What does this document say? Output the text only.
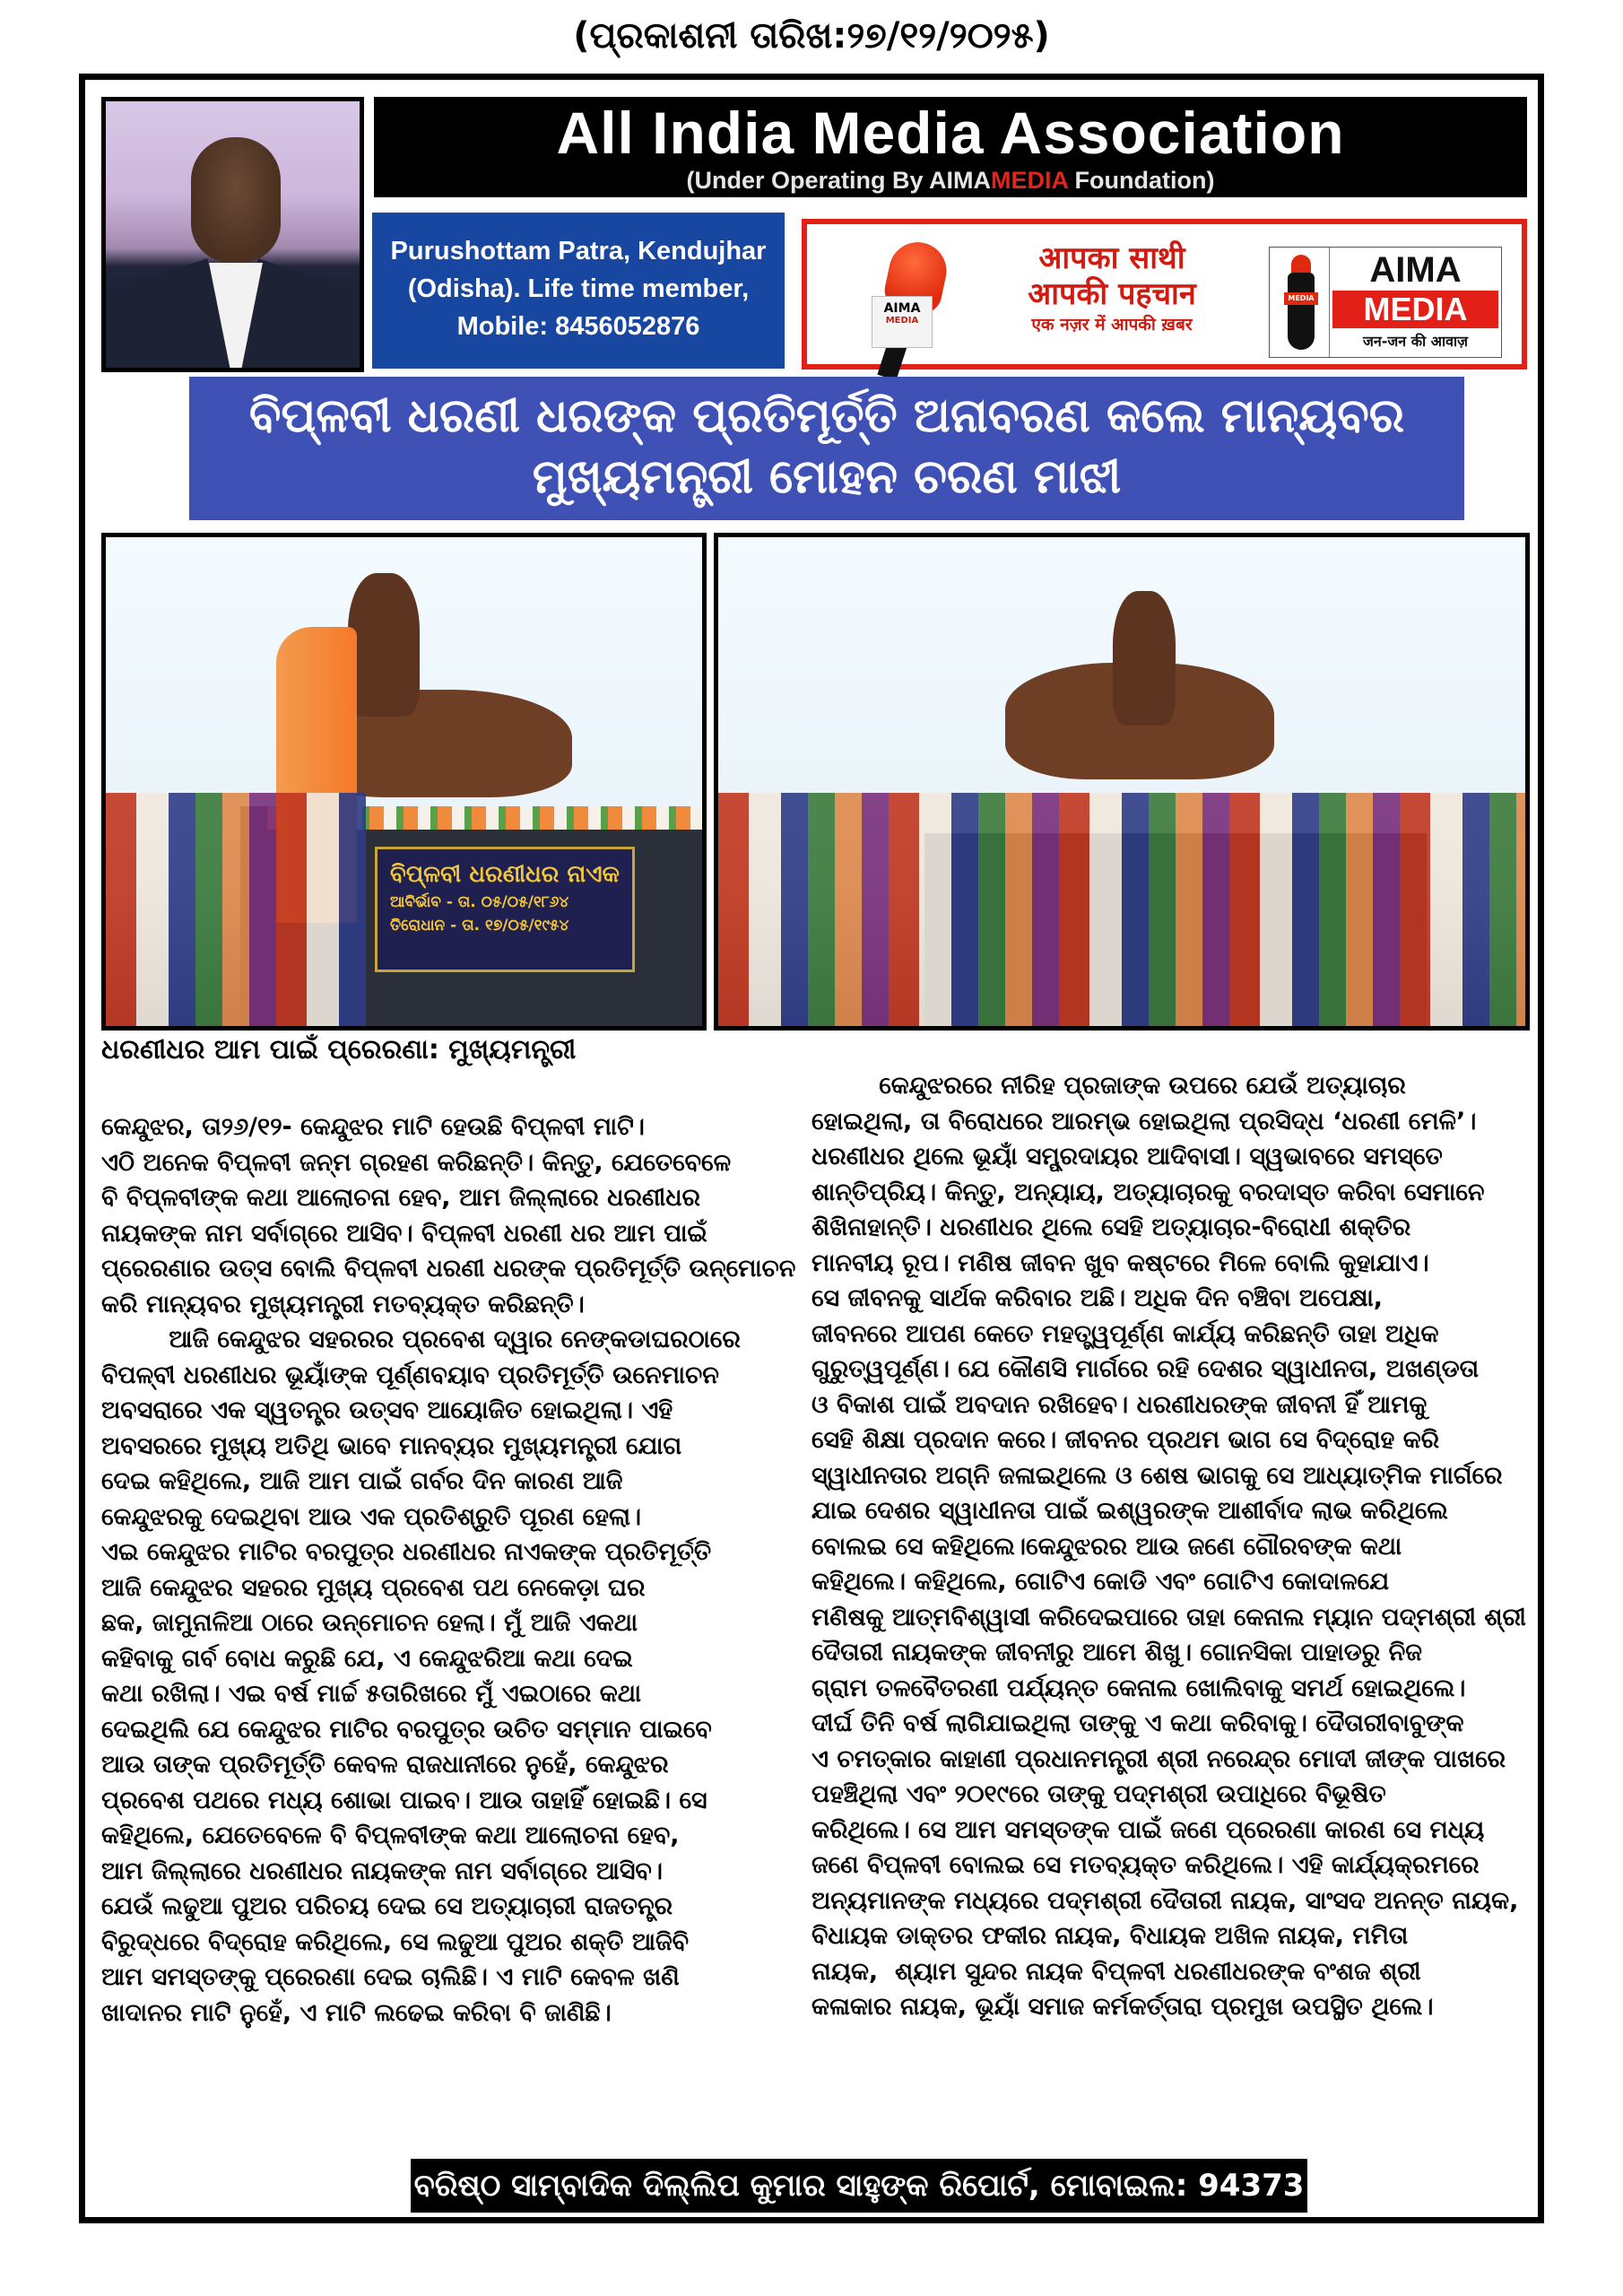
(ପ୍ରକାଶନୀ ତାରିଖ:୨୭/୧୨/୨୦୨୫)
All India Media Association
(Under Operating By AIMAMEDIA Foundation)
Purushottam Patra, Kendujhar
(Odisha). Life time member,
Mobile: 8456052876
AIMA
MEDIA
आपका साथी
आपकी पहचान
एक नज़र में आपकी ख़बर
MEDIA
AIMA
MEDIA
जन-जन की आवाज़
ବିପ୍ଳବୀ ଧରଣୀ ଧରଙ୍କ ପ୍ରତିମୂର୍ତ୍ତି ଅନାବରଣ କଲେ ମାନ୍ୟବର
ମୁଖ୍ୟମନ୍ତ୍ରୀ ମୋହନ ଚରଣ ମାଝୀ
ବିପ୍ଳବୀ ଧରଣୀଧର ନାଏକ
ଆବିର୍ଭାବ - ତା. ୦୫/୦୫/୧୮୬୪
ତିରୋଧାନ - ତା. ୧୭/୦୫/୧୯୫୪
ଧରଣୀଧର ଆମ ପାଇଁ ପ୍ରେରଣା: ମୁଖ୍ୟମନ୍ତ୍ରୀ
କେନ୍ଦୁଝର, ତା୨୬/୧୨- କେନ୍ଦୁଝର ମାଟି ହେଉଛି ବିପ୍ଳବୀ ମାଟି।
ଏଠି ଅନେକ ବିପ୍ଳବୀ ଜନ୍ମ ଗ୍ରହଣ କରିଛନ୍ତି। କିନ୍ତୁ, ଯେତେବେଳେ
ବି ବିପ୍ଳବୀଙ୍କ କଥା ଆଲୋଚନା ହେବ, ଆମ ଜିଲ୍ଲାରେ ଧରଣୀଧର
ନାୟକଙ୍କ ନାମ ସର୍ବାଗ୍ରେ ଆସିବ। ବିପ୍ଳବୀ ଧରଣୀ ଧର ଆମ ପାଇଁ
ପ୍ରେରଣାର ଉତ୍ସ ବୋଲି ବିପ୍ଳବୀ ଧରଣୀ ଧରଙ୍କ ପ୍ରତିମୂର୍ତ୍ତି ଉନ୍ମୋଚନ
କରି ମାନ୍ୟବର ମୁଖ୍ୟମନ୍ତ୍ରୀ ମତବ୍ୟକ୍ତ କରିଛନ୍ତି।
ଆଜି କେନ୍ଦୁଝର ସହରରର ପ୍ରବେଶ ଦ୍ୱାର ନେଙ୍କଡାଘରଠାରେ
ବିପଳ୍ବୀ ଧରଣୀଧର ଭୂୟାଁଙ୍କ ପୂର୍ଣ୍ଣବୟାବ ପ୍ରତିମୂର୍ତ୍ତି ଉନେମାଚନ
ଅବସରାରେ ଏକ ସ୍ୱତନ୍ତ୍ର ଉତ୍ସବ ଆୟୋଜିତ ହୋଇଥିଲା। ଏହି
ଅବସରରେ ମୁଖ୍ୟ ଅତିଥି ଭାବେ ମାନବ୍ୟର ମୁଖ୍ୟମନ୍ତ୍ରୀ ଯୋଗ
ଦେଇ କହିଥିଲେ, ଆଜି ଆମ ପାଇଁ ଗର୍ବର ଦିନ କାରଣ ଆଜି
କେନ୍ଦୁଝରକୁ ଦେଇଥିବା ଆଉ ଏକ ପ୍ରତିଶ୍ରୁତି ପୂରଣ ହେଲା।
ଏଇ କେନ୍ଦୁଝର ମାଟିର ବରପୁତ୍ର ଧରଣୀଧର ନାଏକଙ୍କ ପ୍ରତିମୂର୍ତ୍ତି
ଆଜି କେନ୍ଦୁଝର ସହରର ମୁଖ୍ୟ ପ୍ରବେଶ ପଥ ନେକେଡ଼ା ଘର
ଛକ, ଜାମୁନାଳିଆ ଠାରେ ଉନ୍ମୋଚନ ହେଲା। ମୁଁ ଆଜି ଏକଥା
କହିବାକୁ ଗର୍ବ ବୋଧ କରୁଛି ଯେ, ଏ କେନ୍ଦୁଝରିଆ କଥା ଦେଇ
କଥା ରଖିଲା। ଏଇ ବର୍ଷ ମାର୍ଚ୍ଚ ୫ତାରିଖରେ ମୁଁ ଏଇଠାରେ କଥା
ଦେଇଥିଲି ଯେ କେନ୍ଦୁଝର ମାଟିର ବରପୁତ୍ର ଉଚିତ ସମ୍ମାନ ପାଇବେ
ଆଉ ତାଙ୍କ ପ୍ରତିମୂର୍ତ୍ତି କେବଳ ରାଜଧାନୀରେ ନୁହେଁ, କେନ୍ଦୁଝର
ପ୍ରବେଶ ପଥରେ ମଧ୍ୟ ଶୋଭା ପାଇବ। ଆଉ ତାହାହିଁ ହୋଇଛି। ସେ
କହିଥିଲେ, ଯେତେବେଳେ ବି ବିପ୍ଳବୀଙ୍କ କଥା ଆଲୋଚନା ହେବ,
ଆମ ଜିଲ୍ଲାରେ ଧରଣୀଧର ନାୟକଙ୍କ ନାମ ସର୍ବାଗ୍ରେ ଆସିବ।
ଯେଉଁ ଲଢୁଆ ପୁଅର ପରିଚୟ ଦେଇ ସେ ଅତ୍ୟାଚାରୀ ରାଜତନ୍ତ୍ର
ବିରୁଦ୍ଧରେ ବିଦ୍ରୋହ କରିଥିଲେ, ସେ ଲଢୁଆ ପୁଅର ଶକ୍ତି ଆଜିବି
ଆମ ସମସ୍ତଙ୍କୁ ପ୍ରେରଣା ଦେଇ ଚାଲିଛି। ଏ ମାଟି କେବଳ ଖଣି
ଖାଦାନର ମାଟି ନୁହେଁ, ଏ ମାଟି ଲଢେଇ କରିବା ବି ଜାଣିଛି।
କେନ୍ଦୁଝରରେ ନୀରିହ ପ୍ରଜାଙ୍କ ଉପରେ ଯେଉଁ ଅତ୍ୟାଚାର
ହୋଇଥିଲା, ତା ବିରୋଧରେ ଆରମ୍ଭ ହୋଇଥିଲା ପ୍ରସିଦ୍ଧ ‘ଧରଣୀ ମେଳି’।
ଧରଣୀଧର ଥିଲେ ଭୂୟାଁ ସମ୍ପ୍ରଦାୟର ଆଦିବାସୀ। ସ୍ୱଭାବରେ ସମସ୍ତେ
ଶାନ୍ତିପ୍ରିୟ। କିନ୍ତୁ, ଅନ୍ୟାୟ, ଅତ୍ୟାଚାରକୁ ବରଦାସ୍ତ କରିବା ସେମାନେ
ଶିଖିନାହାନ୍ତି। ଧରଣୀଧର ଥିଲେ ସେହି ଅତ୍ୟାଚାର-ବିରୋଧୀ ଶକ୍ତିର
ମାନବୀୟ ରୂପ। ମଣିଷ ଜୀବନ ଖୁବ କଷ୍ଟରେ ମିଳେ ବୋଲି କୁହାଯାଏ।
ସେ ଜୀବନକୁ ସାର୍ଥକ କରିବାର ଅଛି। ଅଧିକ ଦିନ ବଞ୍ଚିବା ଅପେକ୍ଷା,
ଜୀବନରେ ଆପଣ କେତେ ମହତ୍ତ୍ୱପୂର୍ଣ୍ଣ କାର୍ଯ୍ୟ କରିଛନ୍ତି ତାହା ଅଧିକ
ଗୁରୁତ୍ୱପୂର୍ଣ୍ଣ। ଯେ କୌଣସି ମାର୍ଗରେ ରହି ଦେଶର ସ୍ୱାଧୀନତା, ଅଖଣ୍ଡତା
ଓ ବିକାଶ ପାଇଁ ଅବଦାନ ରଖିହେବ। ଧରଣୀଧରଙ୍କ ଜୀବନୀ ହିଁ ଆମକୁ
ସେହି ଶିକ୍ଷା ପ୍ରଦାନ କରେ। ଜୀବନର ପ୍ରଥମ ଭାଗ ସେ ବିଦ୍ରୋହ କରି
ସ୍ୱାଧୀନତାର ଅଗ୍ନି ଜଳାଇଥିଲେ ଓ ଶେଷ ଭାଗକୁ ସେ ଆଧ୍ୟାତ୍ମିକ ମାର୍ଗରେ
ଯାଇ ଦେଶର ସ୍ୱାଧୀନତା ପାଇଁ ଇଶ୍ୱରଙ୍କ ଆଶୀର୍ବାଦ ଲାଭ କରିଥିଲେ
ବୋଲଇ ସେ କହିଥିଲେ।କେନ୍ଦୁଝରର ଆଉ ଜଣେ ଗୌରବଙ୍କ କଥା
କହିଥିଲେ। କହିଥିଲେ, ଗୋଟିଏ କୋଡି ଏବଂ ଗୋଟିଏ କୋଦାଳଯେ
ମଣିଷକୁ ଆତ୍ମବିଶ୍ୱାସୀ କରିଦେଇପାରେ ତାହା କେନାଲ ମ୍ୟାନ ପଦ୍ମଶ୍ରୀ ଶ୍ରୀ
ଦୈତାରୀ ନାୟକଙ୍କ ଜୀବନୀରୁ ଆମେ ଶିଖୁ। ଗୋନସିକା ପାହାଡରୁ ନିଜ
ଗ୍ରାମ ତଳବୈତରଣୀ ପର୍ଯ୍ୟନ୍ତ କେନାଲ ଖୋଲିବାକୁ ସମର୍ଥ ହୋଇଥିଲେ।
ଦୀର୍ଘ ତିନି ବର୍ଷ ଲାଗିଯାଇଥିଲା ତାଙ୍କୁ ଏ କଥା କରିବାକୁ। ଦୈତାରୀବାବୁଙ୍କ
ଏ ଚମତ୍କାର କାହାଣୀ ପ୍ରଧାନମନ୍ତ୍ରୀ ଶ୍ରୀ ନରେନ୍ଦ୍ର ମୋଦୀ ଜୀଙ୍କ ପାଖରେ
ପହଞ୍ଚିଥିଲା ଏବଂ ୨୦୧୯ରେ ତାଙ୍କୁ ପଦ୍ମଶ୍ରୀ ଉପାଧିରେ ବିଭୂଷିତ
କରିଥିଲେ। ସେ ଆମ ସମସ୍ତଙ୍କ ପାଇଁ ଜଣେ ପ୍ରେରଣା କାରଣ ସେ ମଧ୍ୟ
ଜଣେ ବିପ୍ଳବୀ ବୋଲଇ ସେ ମତବ୍ୟକ୍ତ କରିଥିଲେ। ଏହି କାର୍ଯ୍ୟକ୍ରମରେ
ଅନ୍ୟମାନଙ୍କ ମଧ୍ୟରେ ପଦ୍ମଶ୍ରୀ ଦୈତାରୀ ନାୟକ, ସାଂସଦ ଅନନ୍ତ ନାୟକ,
ବିଧାୟକ ଡାକ୍ତର ଫକୀର ନାୟକ, ବିଧାୟକ ଅଖିଳ ନାୟକ, ମମିତା
ନାୟକ,  ଶ୍ୟାମ ସୁନ୍ଦର ନାୟକ ବିପ୍ଳବୀ ଧରଣୀଧରଙ୍କ ବଂଶଜ ଶ୍ରୀ
କଳାକାର ନାୟକ, ଭୂୟାଁ ସମାଜ କର୍ମକର୍ତ୍ତାରା ପ୍ରମୁଖ ଉପସ୍ଥିତ ଥିଲେ।
ବରିଷ୍ଠ ସାମ୍ବାଦିକ ଦିଲ୍ଲିପ କୁମାର ସାହୁଙ୍କ ରିପୋର୍ଟ, ମୋବାଇଲ: 94373 78792
